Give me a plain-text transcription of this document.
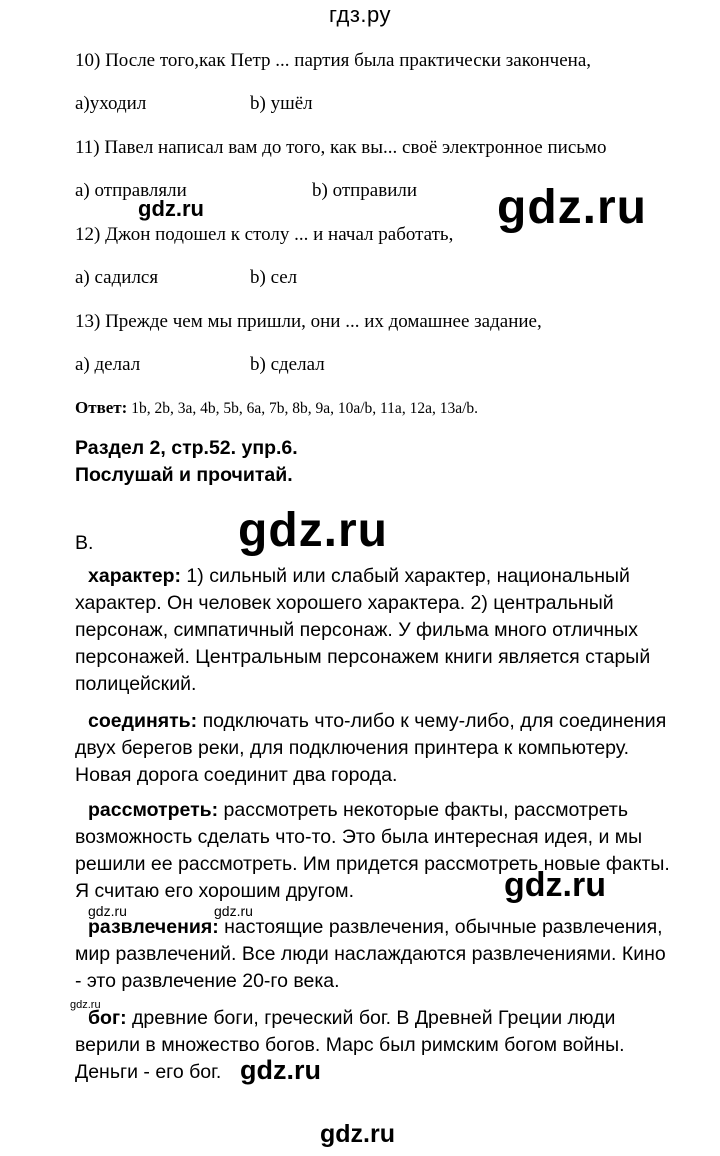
гдз.ру
10) После того,как Петр ... партия была практически закончена,
a)уходил	b) ушёл
11) Павел написал вам до того, как вы... своё электронное письмо
a) отправляли	b) отправили
12) Джон подошел к столу ... и начал работать,
a) садился	b) сел
13) Прежде чем мы пришли, они ... их домашнее задание,
a) делал	b) сделал
Ответ: 1b, 2b, 3a, 4b, 5b, 6a, 7b, 8b, 9a, 10a/b, 11a, 12a, 13a/b.
Раздел 2, стр.52. упр.6.
Послушай и прочитай.
B.
характер: 1) сильный или слабый характер, национальный характер. Он человек хорошего характера. 2) центральный персонаж, симпатичный персонаж. У фильма много отличных персонажей. Центральным персонажем книги является старый полицейский.
соединять: подключать что-либо к чему-либо, для соединения двух берегов реки, для подключения принтера к компьютеру. Новая дорога соединит два города.
рассмотреть: рассмотреть некоторые факты, рассмотреть возможность сделать что-то. Это была интересная идея, и мы решили ее рассмотреть. Им придется рассмотреть новые факты. Я считаю его хорошим другом.
развлечения: настоящие развлечения, обычные развлечения, мир развлечений. Все люди наслаждаются развлечениями. Кино - это развлечение 20-го века.
бог: древние боги, греческий бог. В Древней Греции люди верили в множество богов. Марс был римским богом войны. Деньги - его бог.
gdz.ru	gdz.ru
gdz.ru
gdz.ru
gdz.ru	gdz.ru
gdz.ru
gdz.ru
gdz.ru
